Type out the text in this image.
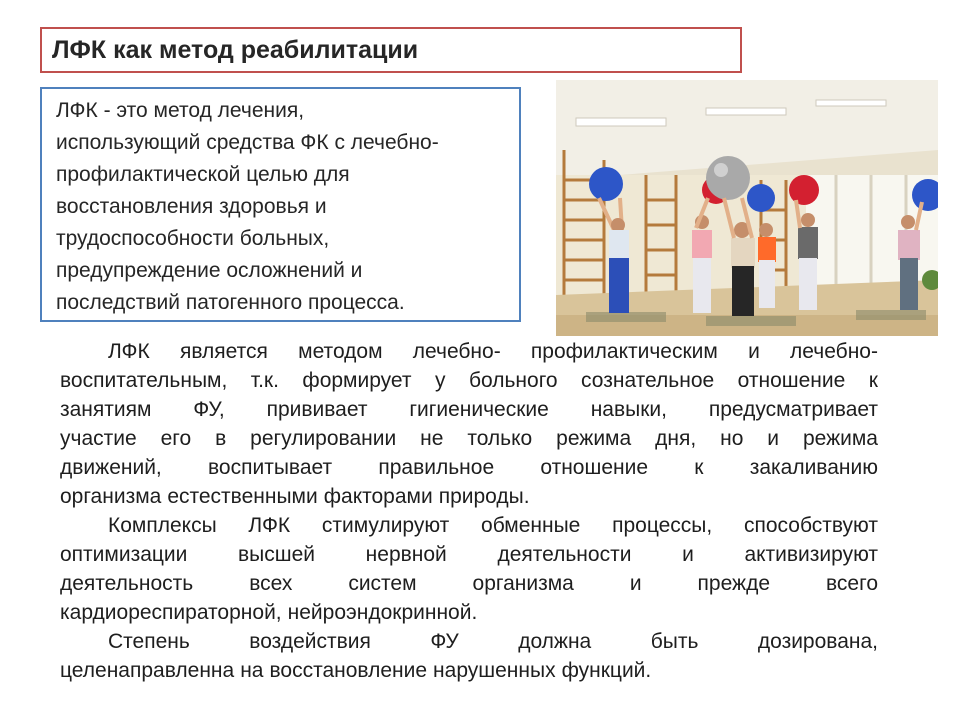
ЛФК как метод реабилитации
ЛФК - это метод лечения,
использующий средства ФК с лечебно-
профилактической целью для
восстановления здоровья и
трудоспособности больных,
предупреждение осложнений и
последствий патогенного процесса.
ЛФК является методом лечебно- профилактическим и лечебно-
воспитательным, т.к. формирует у больного сознательное отношение к
занятиям ФУ, прививает гигиенические навыки, предусматривает
участие его в регулировании не только режима дня, но и режима
движений, воспитывает правильное отношение к закаливанию
организма естественными факторами природы.
Комплексы ЛФК стимулируют обменные процессы, способствуют
оптимизации высшей нервной деятельности и активизируют
деятельность	всех	систем	организма	и	прежде	всего
кардиореспираторной, нейроэндокринной.
Степень	воздействия	ФУ	должна	быть	дозирована,
целенаправленна на восстановление нарушенных функций.
